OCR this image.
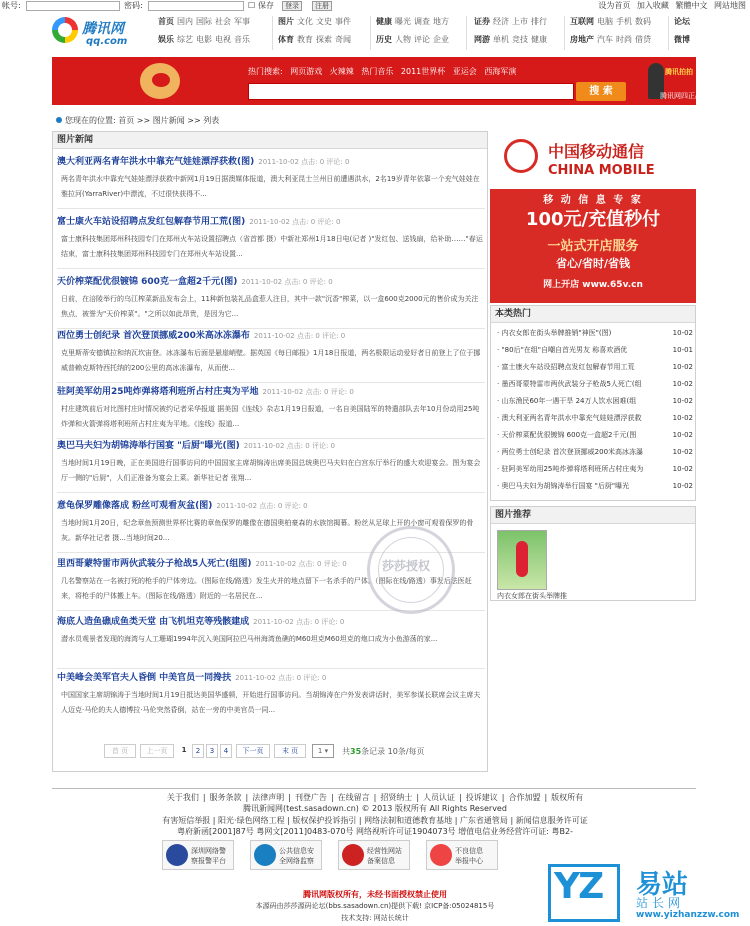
帐号:	密码:	☐ 保存	登录	注册	设为首页 加入收藏 繁體中文 网站地图
腾讯网
qq.com
首页 国内 国际 社会 军事
娱乐 综艺 电影 电视 音乐
图片 文化 文史 事件
体育 教育 探索 奇闻
健康 曝光 调查 地方
历史 人物 评论 企业
证券 经济 上市 排行
网游 单机 竞技 健康
互联网 电脑 手机 数码
房地产 汽车 时尚 借贷
论坛
微博
热门搜索: 网页游戏 火辣辣 热门音乐 2011世界杯 亚运会 西海军演
搜 索
腾讯拍拍
腾讯网四正品节
您现在的位置: 首页 >> 图片新闻 >> 列表
图片新闻
澳大利亚两名青年洪水中靠充气娃娃漂浮获救(图) 2011-10-02 点击: 0 评论: 0
两名青年洪水中靠充气娃娃漂浮获救中新网1月19日据澳媒体报道，澳大利亚昆士兰州日前遭遇洪水，2名19岁青年依靠一个充气娃娃在雅拉河(YarraRiver)中漂流，不过很快获得不...
富士康火车站设招聘点发红包解春节用工荒(图) 2011-10-02 点击: 0 评论: 0
富士康科技集团郑州科技园专门在郑州火车站设置招聘点（省首都 摄）中新社郑州1月18日电(记者 )"发红包、送钱扇，给补助……"春运结束，富士康科技集团郑州科技园专门在郑州火车站设置...
天价榨菜配优很镀锦 600克一盒超2千元(图) 2011-10-02 点击: 0 评论: 0
日前，在涪陵举行的乌江榨菜新品发布会上，11种新包装礼品盒惹人注目，其中一款"沉香"榨菜，以一盒600克2000元的售价成为关注焦点，被誉为"天价榨菜"。"之所以如此昂贵，是因为它...
西位勇士创纪录 首次登顶挪威200米高冰冻瀑布 2011-10-02 点击: 0 评论: 0
克里斯蒂安德镇拉和纳瓦坎宙登。冰冻瀑布后面是悬崖峭壁。据英国《每日邮报》1月18日报道，两名极限运动爱好者日前登上了位于挪威普赖克斯特西托纳的200公里的高冰冻瀑布，从而使...
驻阿美军幼用25吨炸弹将塔利班所占村庄夷为平地 2011-10-02 点击: 0 评论: 0
村庄建筑前后对比图村庄时情况被约记者采华报道 据美国《连线》杂志1月19日报道，一名自美国陆军的特遣部队去年10月份动用25吨炸弹和火箭弹将塔利班所占村庄夷为平地。《连线》报道...
奥巴马夫妇为胡锦涛举行国宴 "后厨"曝光(图) 2011-10-02 点击: 0 评论: 0
当地时间1月19日晚，正在美国进行国事访问的中国国家主席胡锦涛出席美国总统奥巴马夫妇在白宫东厅举行的盛大欢迎宴会。图为宴会厅一侧的"后厨"，人们正准备为宴会上菜。新华社记者 张翔...
意龟保罗雕像落成 粉丝可观看灰盆(图) 2011-10-02 点击: 0 评论: 0
当地时间1月20日，纪念章鱼预测世界杯比赛的章鱼保罗的雕像在德国奥柏豪森的水族馆揭幕。粉丝从足球上开的小窗可观看保罗的骨灰。新华社记者 摄...当地时间20...
里西哥蒙特雷市两伙武装分子枪战5人死亡(组图) 2011-10-02 点击: 0 评论: 0
几名警察站在一名被打死的枪手的尸体旁边。（图际在线/路透）发生火并的地点留下一名杀手的尸体。（图际在线/路透）事发后法医赶来，将枪手的尸体搬上车。（图际在线/路透）附近的一名居民在...
海底人造鱼礁成鱼类天堂 由飞机坦克等残骸建成 2011-10-02 点击: 0 评论: 0
潜水员观景者发现的海湾与人工珊瑚1994年沉入美国阿拉巴马州海湾鱼礁的M60坦克M60坦克的炮口成为小鱼游荡的家...
中美峰会美军官夫人昏倒 中美官员一同搀扶 2011-10-02 点击: 0 评论: 0
中国国家主席胡锦涛于当地时间1月19日抵达美国华盛顿，开始进行国事访问。当胡锦涛在户外发表讲话时，美军参谋长联席会议主席夫人迈克·马伦的夫人德博拉·马伦突然昏倒，站在一旁的中美官员一同...
莎莎授权
首 页	上一页	1	2	3	4	下一页	末 页	1 ▾	共35条记录 10条/每页
中国移动通信
CHINA MOBILE
移 动 信 息 专 家
100元/充值秒付
一站式开店服务
省心/省时/省钱
网上开店 www.65v.cn
本类热门
· 内衣女郎在街头举牌推销"神医"(图)	10-02
· "80后"在组"自嘲自首光男友 称喜欢酒优	10-01
· 富士康火车站设招聘点发红包解春节用工荒	10-02
· 墨西哥蒙特雷市两伙武装分子枪战5人死亡(组	10-02
· 山东渔民60年一遇干旱 24万人饮水困难(组	10-02
· 澳大利亚两名青年洪水中靠充气娃娃漂浮获救	10-02
· 天价榨菜配优很镀锦 600克一盒超2千元(图	10-02
· 两位勇士创纪录 首次登顶挪威200米高冰冻瀑	10-02
· 驻阿美军幼用25吨炸弹将塔利班所占村庄夷为	10-02
· 奥巴马夫妇为胡锦涛举行国宴 "后厨"曝光	10-02
图片推荐
内衣女郎在街头举牌推
关于我们 | 服务条款 | 法律声明 | 刊登广告 | 在线留言 | 招贤纳士 | 人员认证 | 投诉建议 | 合作加盟 | 版权所有
腾讯新闻网(test.sasadown.cn) © 2013 版权所有 All Rights Reserved
有害短信举报 | 阳光·绿色网络工程 | 版权保护投诉指引 | 网络法制和道德教育基地 | 广东省通管局 | 新闻信息服务许可证
粤府新函[2001]87号 粤网文[2011]0483-070号 网络视听许可证1904073号 增值电信业务经营许可证: 粤B2-
深圳网络警
察报警平台
公共信息安
全网络监察
经营性网站
备案信息
不良信息
举报中心
腾讯网版权所有，未经书面授权禁止使用
本源码由莎莎源码论坛(bbs.sasadown.cn)提供下载! 京ICP备:05024815号
技术支持: 网站长统计
YZ 易站
站长网
www.yizhanzzw.com
